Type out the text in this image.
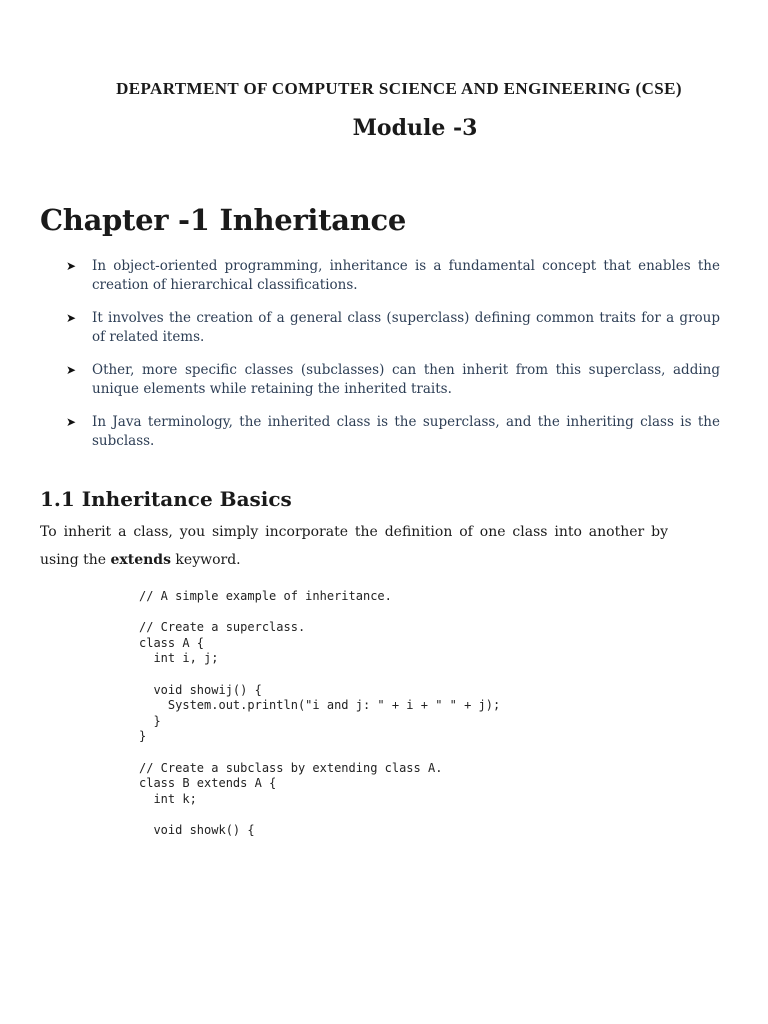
DEPARTMENT OF COMPUTER SCIENCE AND ENGINEERING (CSE)
Module -3
Chapter -1 Inheritance
➤ In object-oriented programming, inheritance is a fundamental concept that enables the creation of hierarchical classifications.
➤ It involves the creation of a general class (superclass) defining common traits for a group of related items.
➤ Other, more specific classes (subclasses) can then inherit from this superclass, adding unique elements while retaining the inherited traits.
➤ In Java terminology, the inherited class is the superclass, and the inheriting class is the subclass.
1.1 Inheritance Basics
To inherit a class, you simply incorporate the definition of one class into another by using the extends keyword.
// A simple example of inheritance.

// Create a superclass.
class A {
int i, j;

void showij() {
System.out.println("i and j: " + i + " " + j);
}
}

// Create a subclass by extending class A.
class B extends A {
int k;

void showk() {
